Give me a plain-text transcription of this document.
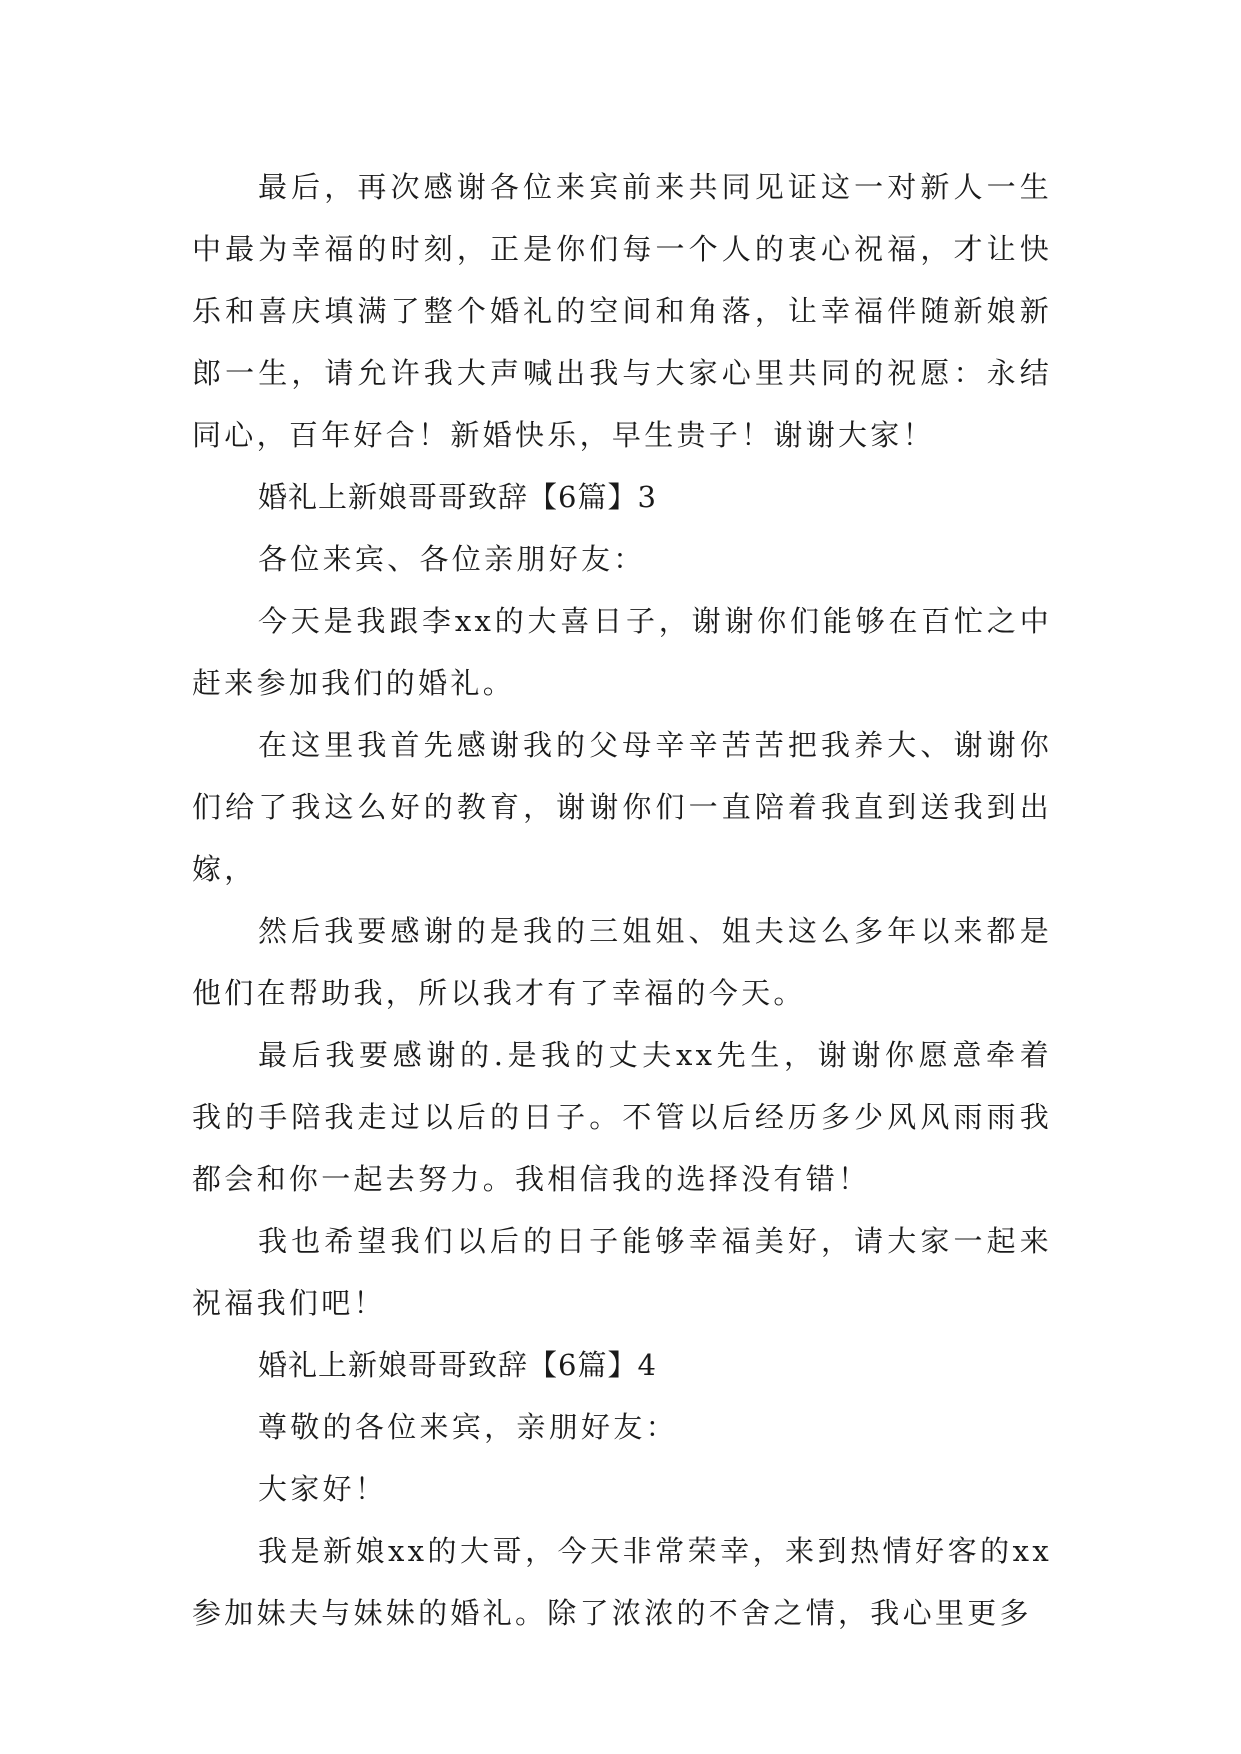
最后，再次感谢各位来宾前来共同见证这一对新人一生中最为幸福的时刻，正是你们每一个人的衷心祝福，才让快乐和喜庆填满了整个婚礼的空间和角落，让幸福伴随新娘新郎一生，请允许我大声喊出我与大家心里共同的祝愿：永结同心，百年好合！新婚快乐，早生贵子！谢谢大家！

婚礼上新娘哥哥致辞【6篇】3

各位来宾、各位亲朋好友：

今天是我跟李xx的大喜日子，谢谢你们能够在百忙之中赶来参加我们的婚礼。

在这里我首先感谢我的父母辛辛苦苦把我养大、谢谢你们给了我这么好的教育，谢谢你们一直陪着我直到送我到出嫁，

然后我要感谢的是我的三姐姐、姐夫这么多年以来都是他们在帮助我，所以我才有了幸福的今天。

最后我要感谢的.是我的丈夫xx先生，谢谢你愿意牵着我的手陪我走过以后的日子。不管以后经历多少风风雨雨我都会和你一起去努力。我相信我的选择没有错！

我也希望我们以后的日子能够幸福美好，请大家一起来祝福我们吧！

婚礼上新娘哥哥致辞【6篇】4

尊敬的各位来宾，亲朋好友：

大家好！

我是新娘xx的大哥，今天非常荣幸，来到热情好客的xx参加妹夫与妹妹的婚礼。除了浓浓的不舍之情，我心里更多
